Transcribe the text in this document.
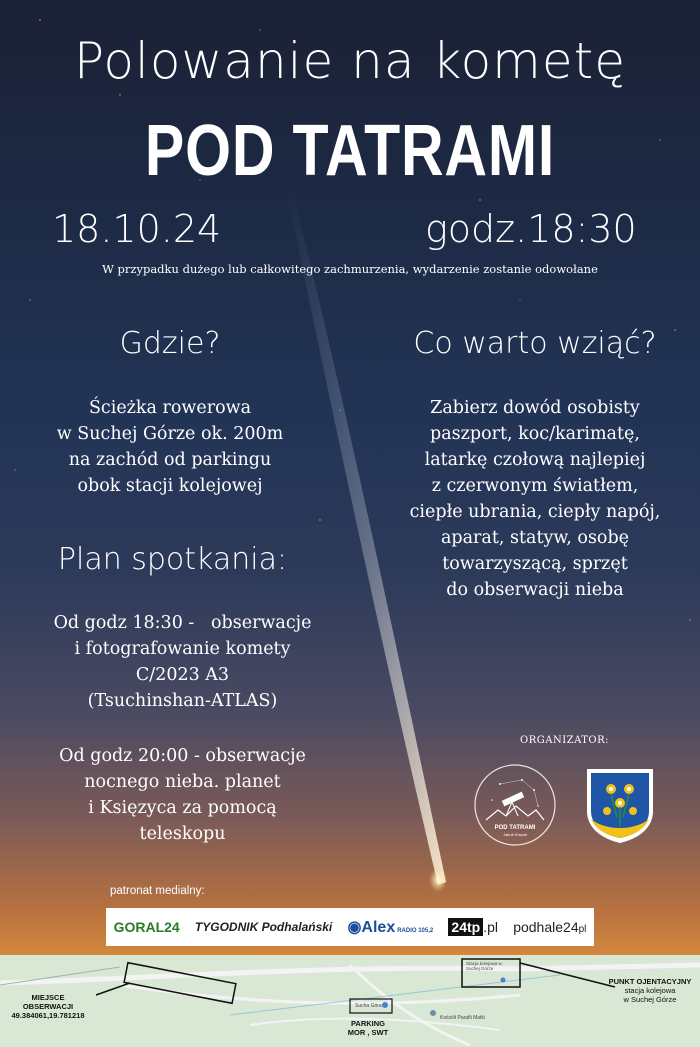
Polowanie na kometę
POD TATRAMI
18.10.24	godz.18:30
W przypadku dużego lub całkowitego zachmurzenia, wydarzenie zostanie odowołane
Gdzie?
Ścieżka rowerowa
w Suchej Górze ok. 200m
na zachód od parkingu
obok stacji kolejowej
Co warto wziąć?
Zabierz dowód osobisty
paszport, koc/karimatę,
latarkę czołową najlepiej
z czerwonym światłem,
ciepłe ubrania, ciepły napój,
aparat, statyw, osobę
towarzyszącą, sprzęt
do obserwacji nieba
Plan spotkania:
Od godz 18:30 -   obserwacje
i fotografowanie komety
C/2023 A3
(Tsuchinshan-ATLAS)
Od godz 20:00 - obserwacje
nocnego nieba. planet
i Księzyca za pomocą
teleskopu
ORGANIZATOR:
POD TATRAMI
Jakub Krupat
patronat medialny:
GORAL24 TYGODNIK Podhalański ◉Alex RADIO 105,2 24tp .pl podhale24pl
Stacja kolejowa w Suchej Górze
Sucha Góra
Kościół Parafii Matki
MIEJSCE
OBSERWACJI
49.384061,19.781218
PUNKT OJENTACYJNY
stacja kolejowa
w Suchej Górze
PARKING
MOR , SWT
